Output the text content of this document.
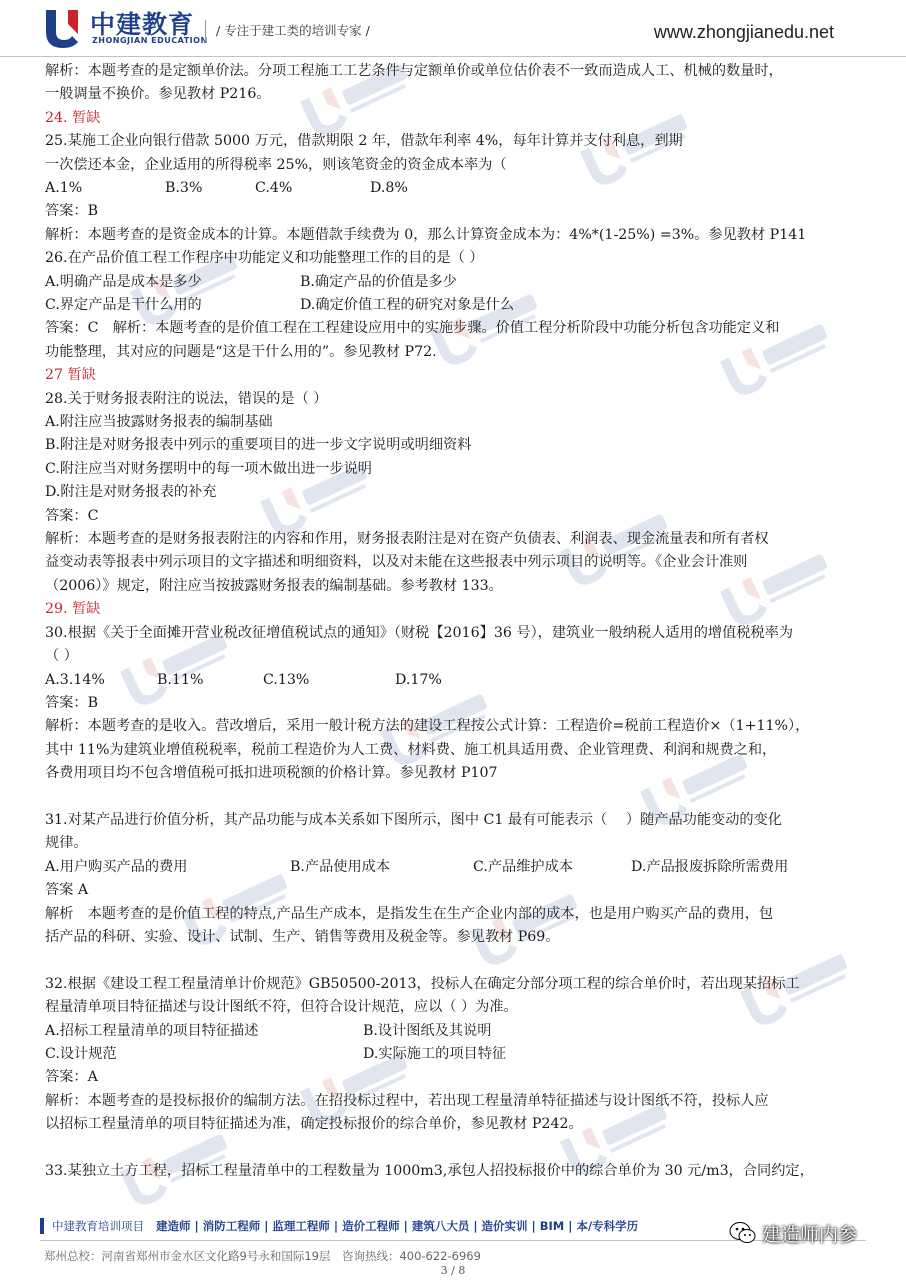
中建教育
ZHONGJIAN EDUCATION
/ 专注于建工类的培训专家 /	www.zhongjianedu.net

解析：本题考查的是定额单价法。分项工程施工工艺条件与定额单价或单位估价表不一致而造成人工、机械的数量时，

一般调量不换价。参见教材 P216。

24. 暂缺

25.某施工企业向银行借款 5000 万元，借款期限 2 年，借款年利率 4%，每年计算并支付利息，到期

一次偿还本金，企业适用的所得税率 25%，则该笔资金的资金成本率为（

A.1%	B.3%	C.4%	D.8%

答案：B

解析：本题考查的是资金成本的计算。本题借款手续费为 0，那么计算资金成本为：4%*(1-25%) =3%。参见教材 P141

26.在产品价值工程工作程序中功能定义和功能整理工作的目的是（ ）

A.明确产品是成本是多少	B.确定产品的价值是多少
C.界定产品是干什么用的	D.确定价值工程的研究对象是什么

答案：C　解析：本题考查的是价值工程在工程建设应用中的实施步骤。价值工程分析阶段中功能分析包含功能定义和

功能整理，其对应的问题是“这是干什么用的”。参见教材 P72.

27 暂缺

28.关于财务报表附注的说法，错误的是（ ）

A.附注应当披露财务报表的编制基础

B.附注是对财务报表中列示的重要项目的进一步文字说明或明细资料

C.附注应当对财务摆明中的每一项木做出进一步说明

D.附注是对财务报表的补充

答案：C

解析：本题考查的是财务报表附注的内容和作用，财务报表附注是对在资产负债表、利润表、现金流量表和所有者权

益变动表等报表中列示项目的文字描述和明细资料，以及对未能在这些报表中列示项目的说明等。《企业会计准则

（2006）》规定，附注应当按披露财务报表的编制基础。参考教材 133。

29. 暂缺

30.根据《关于全面摊开营业税改征增值税试点的通知》（财税【2016】36 号），建筑业一般纳税人适用的增值税税率为

（ ）

A.3.14%	B.11%	C.13%	D.17%

答案：B

解析：本题考查的是收入。营改增后，采用一般计税方法的建设工程按公式计算：工程造价=税前工程造价×（1+11%），

其中 11%为建筑业增值税税率，税前工程造价为人工费、材料费、施工机具适用费、企业管理费、利润和规费之和，

各费用项目均不包含增值税可抵扣进项税额的价格计算。参见教材 P107

31.对某产品进行价值分析，其产品功能与成本关系如下图所示，图中 C1 最有可能表示（　 ）随产品功能变动的变化

规律。

A.用户购买产品的费用	B.产品使用成本	C.产品维护成本	D.产品报废拆除所需费用

答案 A

解析　本题考查的是价值工程的特点,产品生产成本，是指发生在生产企业内部的成本，也是用户购买产品的费用，包

括产品的科研、实验、设计、试制、生产、销售等费用及税金等。参见教材 P69。

32.根据《建设工程工程量清单计价规范》GB50500-2013，投标人在确定分部分项工程的综合单价时，若出现某招标工

程量清单项目特征描述与设计图纸不符，但符合设计规范，应以（ ）为准。

A.招标工程量清单的项目特征描述	B.设计图纸及其说明
C.设计规范	D.实际施工的项目特征

答案：A

解析：本题考查的是投标报价的编制方法。在招投标过程中，若出现工程量清单特征描述与设计图纸不符，投标人应

以招标工程量清单的项目特征描述为准，确定投标报价的综合单价，参见教材 P242。

33.某独立土方工程，招标工程量清单中的工程数量为 1000m3,承包人招投标报价中的综合单价为 30 元/m3，合同约定，

中建教育培训项目 建造师 | 消防工程师 | 监理工程师 | 造价工程师 | 建筑八大员 | 造价实训 | BIM | 本/专科学历
郑州总校：河南省郑州市金水区文化路9号永和国际19层　咨询热线：400-622-6969
3 / 8
建造师内参
